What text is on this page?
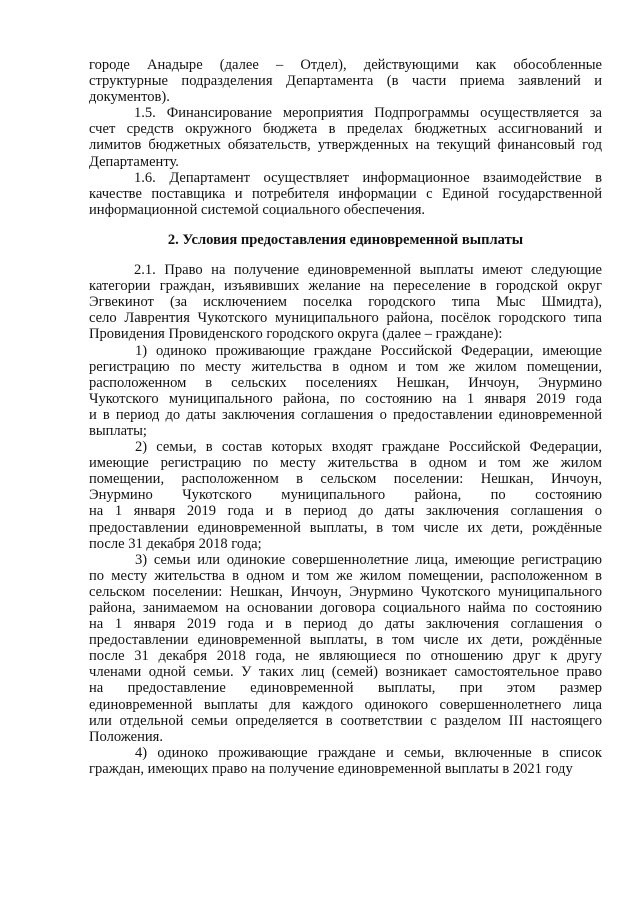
городе Анадыре (далее – Отдел), действующими как обособленные

структурные подразделения Департамента (в части приема заявлений и

документов).

1.5. Финансирование мероприятия Подпрограммы осуществляется за

счет средств окружного бюджета в пределах бюджетных ассигнований и

лимитов бюджетных обязательств, утвержденных на текущий финансовый год

Департаменту.

1.6. Департамент осуществляет информационное взаимодействие в

качестве поставщика и потребителя информации с Единой государственной

информационной системой социального обеспечения.

2. Условия предоставления единовременной выплаты

2.1. Право на получение единовременной выплаты имеют следующие

категории граждан, изъявивших желание на переселение в городской округ

Эгвекинот (за исключением поселка городского типа Мыс Шмидта),

село Лаврентия Чукотского муниципального района, посёлок городского типа

Провидения Провиденского городского округа (далее – граждане):

1) одиноко проживающие граждане Российской Федерации, имеющие

регистрацию по месту жительства в одном и том же жилом помещении,

расположенном в сельских поселениях Нешкан, Инчоун, Энурмино

Чукотского муниципального района, по состоянию на 1 января 2019 года

и в период до даты заключения соглашения о предоставлении единовременной

выплаты;

2) семьи, в состав которых входят граждане Российской Федерации,

имеющие регистрацию по месту жительства в одном и том же жилом

помещении, расположенном в сельском поселении: Нешкан, Инчоун,

Энурмино Чукотского муниципального района, по состоянию

на 1 января 2019 года и в период до даты заключения соглашения о

предоставлении единовременной выплаты, в том числе их дети, рождённые

после 31 декабря 2018 года;

3) семьи или одинокие совершеннолетние лица, имеющие регистрацию

по месту жительства в одном и том же жилом помещении, расположенном в

сельском поселении: Нешкан, Инчоун, Энурмино Чукотского муниципального

района, занимаемом на основании договора социального найма по состоянию

на 1 января 2019 года и в период до даты заключения соглашения о

предоставлении единовременной выплаты, в том числе их дети, рождённые

после 31 декабря 2018 года, не являющиеся по отношению друг к другу

членами одной семьи. У таких лиц (семей) возникает самостоятельное право

на предоставление единовременной выплаты, при этом размер

единовременной выплаты для каждого одинокого совершеннолетнего лица

или отдельной семьи определяется в соответствии с разделом III настоящего

Положения.

4) одиноко проживающие граждане и семьи, включенные в список

граждан, имеющих право на получение единовременной выплаты в 2021 году
